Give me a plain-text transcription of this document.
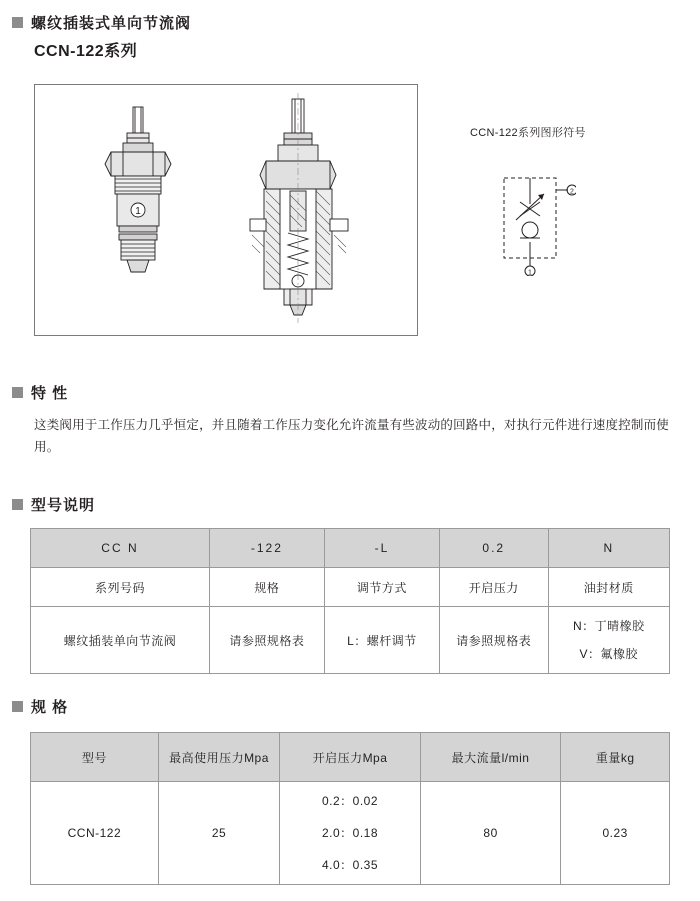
螺纹插装式单向节流阀
CCN-122系列
1
CCN-122系列图形符号
2
1
特 性
这类阀用于工作压力几乎恒定，并且随着工作压力变化允许流量有些波动的回路中，对执行元件进行速度控制而使用。
型号说明
CC N	-122	-L	0.2	N
系列号码	规格	调节方式	开启压力	油封材质
螺纹插装单向节流阀	请参照规格表	L：螺杆调节	请参照规格表	N：丁晴橡胶
V：氟橡胶
规 格
型号	最高使用压力Mpa	开启压力Mpa	最大流量l/min	重量kg
CCN-122	25	0.2：0.02
2.0：0.18
4.0：0.35	80	0.23
